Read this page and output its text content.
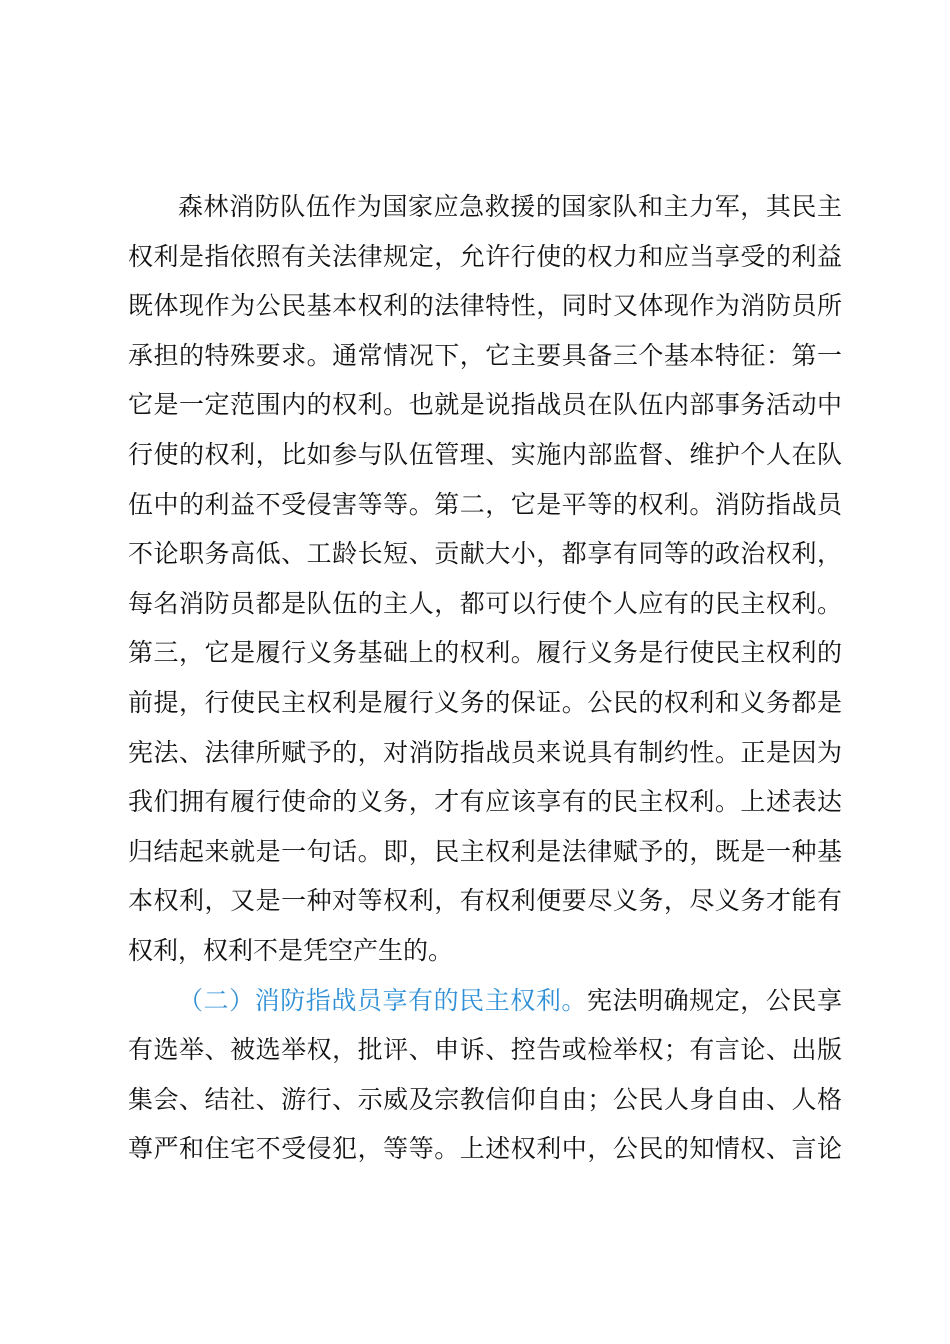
森林消防队伍作为国家应急救援的国家队和主力军，其民主
权利是指依照有关法律规定，允许行使的权力和应当享受的利益
既体现作为公民基本权利的法律特性，同时又体现作为消防员所
承担的特殊要求。通常情况下，它主要具备三个基本特征：第一
它是一定范围内的权利。也就是说指战员在队伍内部事务活动中
行使的权利，比如参与队伍管理、实施内部监督、维护个人在队
伍中的利益不受侵害等等。第二，它是平等的权利。消防指战员
不论职务高低、工龄长短、贡献大小，都享有同等的政治权利，
每名消防员都是队伍的主人，都可以行使个人应有的民主权利。
第三，它是履行义务基础上的权利。履行义务是行使民主权利的
前提，行使民主权利是履行义务的保证。公民的权利和义务都是
宪法、法律所赋予的，对消防指战员来说具有制约性。正是因为
我们拥有履行使命的义务，才有应该享有的民主权利。上述表达
归结起来就是一句话。即，民主权利是法律赋予的，既是一种基
本权利，又是一种对等权利，有权利便要尽义务，尽义务才能有
权利，权利不是凭空产生的。
（二）消防指战员享有的民主权利。宪法明确规定，公民享
有选举、被选举权，批评、申诉、控告或检举权；有言论、出版
集会、结社、游行、示威及宗教信仰自由；公民人身自由、人格
尊严和住宅不受侵犯，等等。上述权利中，公民的知情权、言论
